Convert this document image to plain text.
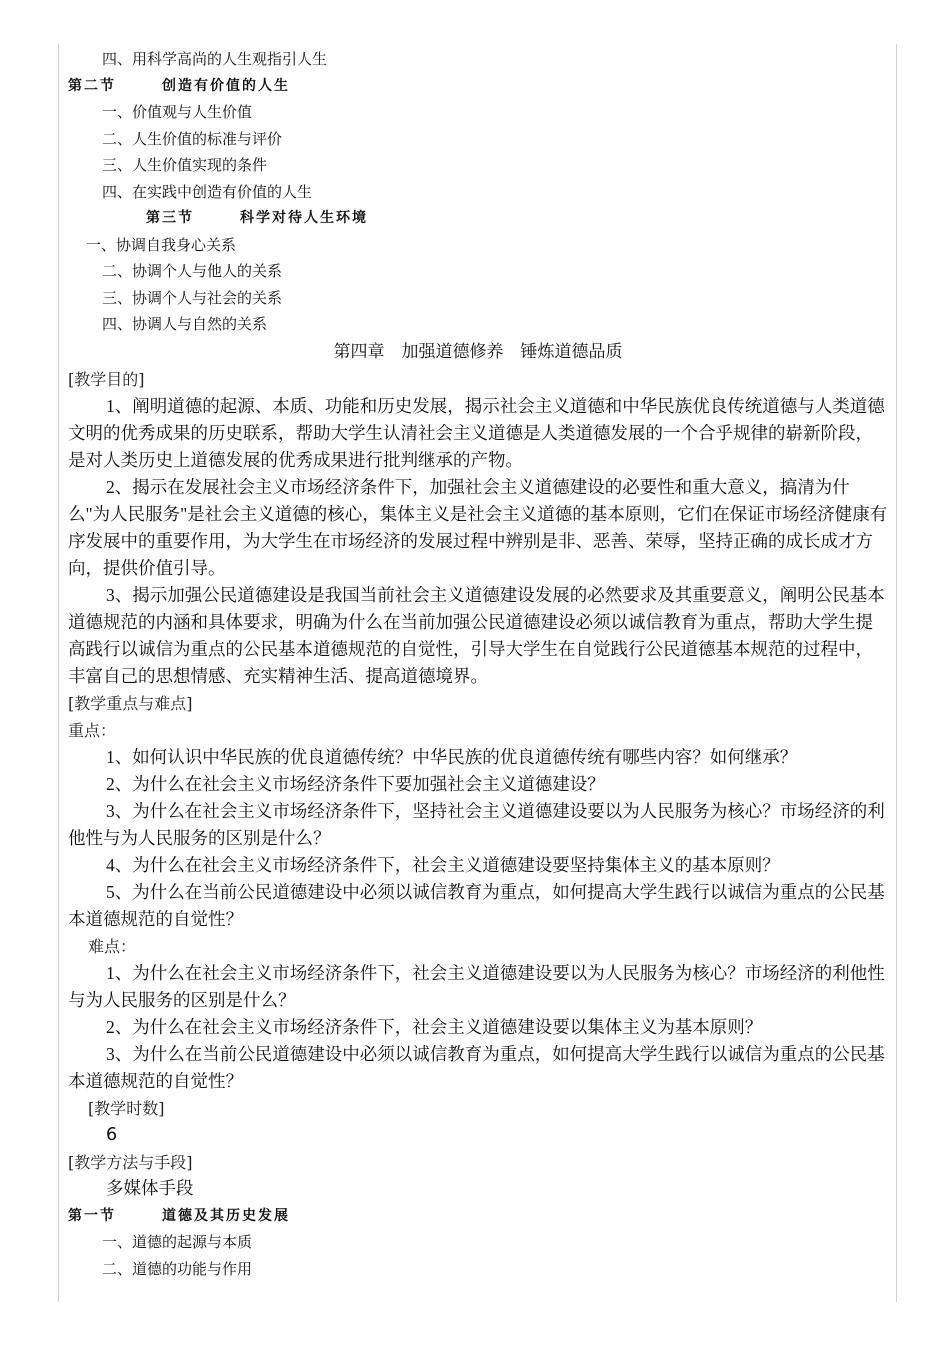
四、用科学高尚的人生观指引人生
第二节	创造有价值的人生
一、价值观与人生价值
二、人生价值的标准与评价
三、人生价值实现的条件
四、在实践中创造有价值的人生
第三节	科学对待人生环境
一、协调自我身心关系
二、协调个人与他人的关系
三、协调个人与社会的关系
四、协调人与自然的关系
第四章　加强道德修养　锤炼道德品质
[教学目的]
1、阐明道德的起源、本质、功能和历史发展，揭示社会主义道德和中华民族优良传统道德与人类道德文明的优秀成果的历史联系，帮助大学生认清社会主义道德是人类道德发展的一个合乎规律的崭新阶段，是对人类历史上道德发展的优秀成果进行批判继承的产物。
2、揭示在发展社会主义市场经济条件下，加强社会主义道德建设的必要性和重大意义，搞清为什么"为人民服务"是社会主义道德的核心，集体主义是社会主义道德的基本原则，它们在保证市场经济健康有序发展中的重要作用，为大学生在市场经济的发展过程中辨别是非、恶善、荣辱，坚持正确的成长成才方向，提供价值引导。
3、揭示加强公民道德建设是我国当前社会主义道德建设发展的必然要求及其重要意义，阐明公民基本道德规范的内涵和具体要求，明确为什么在当前加强公民道德建设必须以诚信教育为重点，帮助大学生提高践行以诚信为重点的公民基本道德规范的自觉性，引导大学生在自觉践行公民道德基本规范的过程中，丰富自己的思想情感、充实精神生活、提高道德境界。
[教学重点与难点]
重点：
1、如何认识中华民族的优良道德传统？中华民族的优良道德传统有哪些内容？如何继承？
2、为什么在社会主义市场经济条件下要加强社会主义道德建设？
3、为什么在社会主义市场经济条件下，坚持社会主义道德建设要以为人民服务为核心？市场经济的利他性与为人民服务的区别是什么？
4、为什么在社会主义市场经济条件下，社会主义道德建设要坚持集体主义的基本原则？
5、为什么在当前公民道德建设中必须以诚信教育为重点，如何提高大学生践行以诚信为重点的公民基本道德规范的自觉性？
难点：
1、为什么在社会主义市场经济条件下，社会主义道德建设要以为人民服务为核心？市场经济的利他性与为人民服务的区别是什么？
2、为什么在社会主义市场经济条件下，社会主义道德建设要以集体主义为基本原则？
3、为什么在当前公民道德建设中必须以诚信教育为重点，如何提高大学生践行以诚信为重点的公民基本道德规范的自觉性？
[教学时数]
6
[教学方法与手段]
多媒体手段
第一节	道德及其历史发展
一、道德的起源与本质
二、道德的功能与作用
